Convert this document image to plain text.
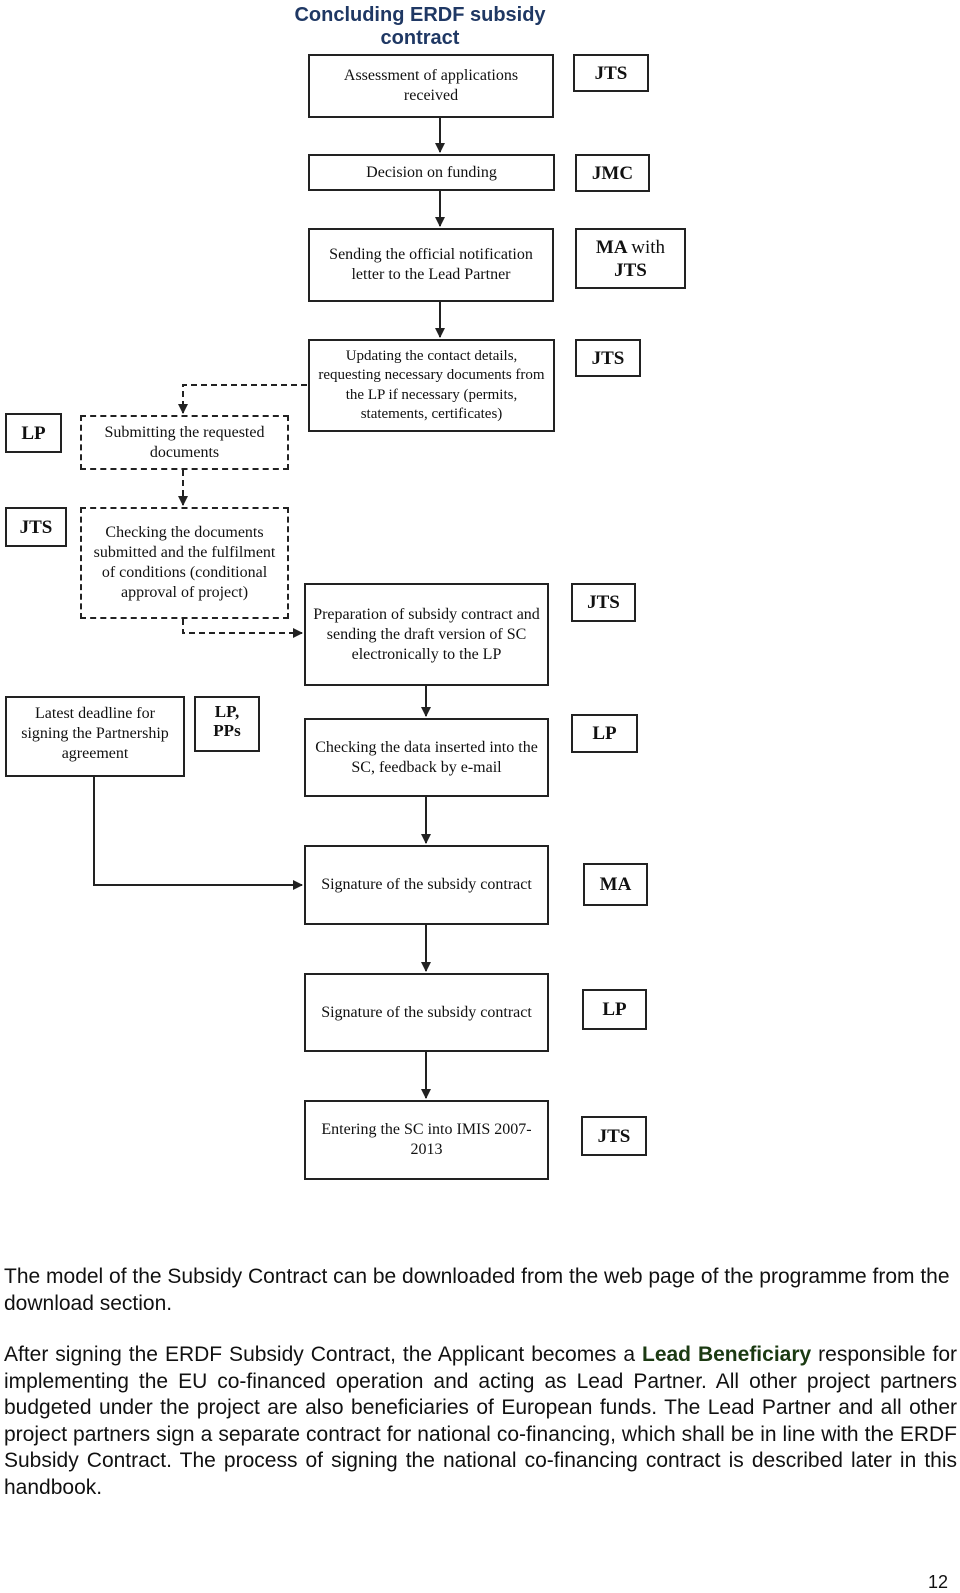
Concluding ERDF subsidy contract
Assessment of applications received
Decision on funding
Sending the official notification letter to the Lead Partner
Updating the contact details, requesting necessary documents from the LP if necessary (permits, statements, certificates)
Submitting the requested documents
Checking the documents submitted and the fulfilment of conditions (conditional approval of project)
Preparation of subsidy contract and sending the draft version of SC electronically to the LP
Latest deadline for signing the Partnership agreement	Checking the data inserted into the SC, feedback by e-mail
Signature of the subsidy contract
Signature of the subsidy contract
Entering the SC into IMIS 2007-2013
JTS
JMC
MA with
JTS
JTS
LP
JTS
JTS
LP,
PPs	LP
MA
LP
JTS

The model of the Subsidy Contract can be downloaded from the web page of the programme from the download section.

After signing the ERDF Subsidy Contract, the Applicant becomes a Lead Beneficiary responsible for implementing the EU co-financed operation and acting as Lead Partner. All other project partners budgeted under the project are also beneficiaries of European funds. The Lead Partner and all other project partners sign a separate contract for national co-financing, which shall be in line with the ERDF Subsidy Contract. The process of signing the national co-financing contract is described later in this handbook.

12
